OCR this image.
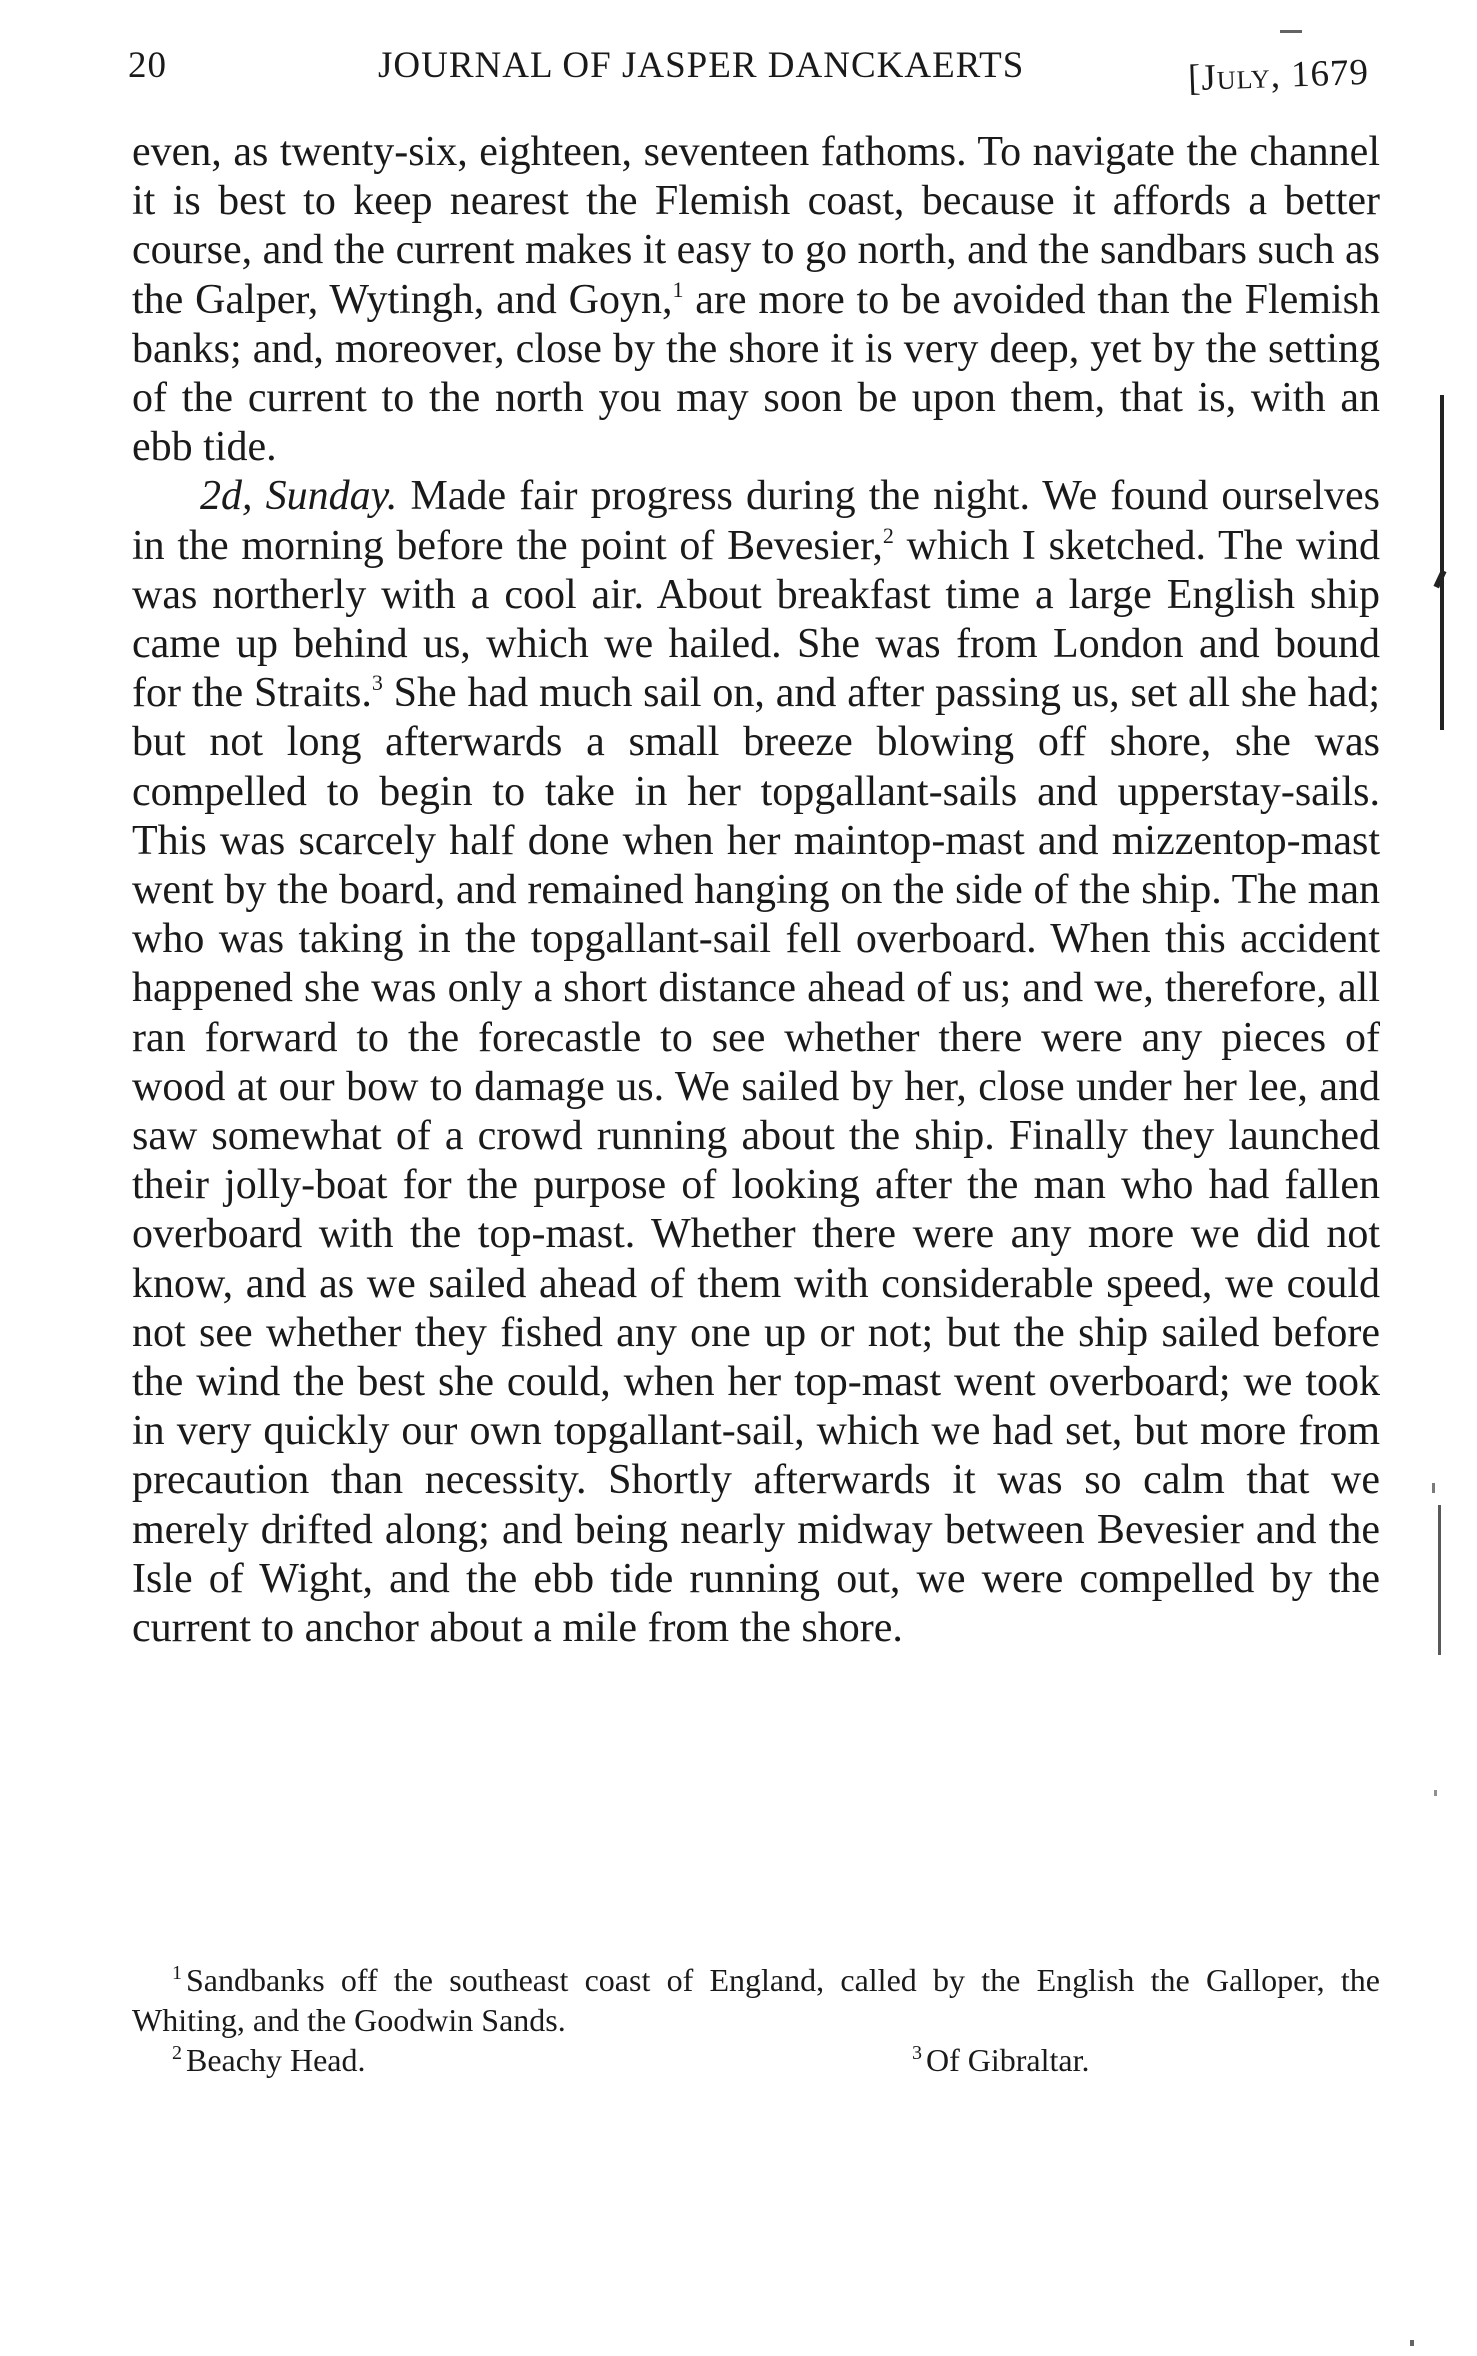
20	JOURNAL OF JASPER DANCKAERTS	[July, 1679

even, as twenty-six, eighteen, seventeen fathoms. To navigate the channel it is best to keep nearest the Flemish coast, because it affords a better course, and the current makes it easy to go north, and the sandbars such as the Galper, Wytingh, and Goyn,$^1$ are more to be avoided than the Flemish banks; and, moreover, close by the shore it is very deep, yet by the setting of the current to the north you may soon be upon them, that is, with an ebb tide.

2d, Sunday. Made fair progress during the night. We found ourselves in the morning before the point of Bevesier,$^2$ which I sketched. The wind was northerly with a cool air. About breakfast time a large English ship came up behind us, which we hailed. She was from London and bound for the Straits.$^3$ She had much sail on, and after passing us, set all she had; but not long afterwards a small breeze blowing off shore, she was compelled to begin to take in her topgallant-sails and upperstay-sails. This was scarcely half done when her maintop-mast and mizzentop-mast went by the board, and remained hanging on the side of the ship. The man who was taking in the topgallant-sail fell overboard. When this accident happened she was only a short distance ahead of us; and we, therefore, all ran forward to the forecastle to see whether there were any pieces of wood at our bow to damage us. We sailed by her, close under her lee, and saw somewhat of a crowd running about the ship. Finally they launched their jolly-boat for the purpose of looking after the man who had fallen overboard with the top-mast. Whether there were any more we did not know, and as we sailed ahead of them with considerable speed, we could not see whether they fished any one up or not; but the ship sailed before the wind the best she could, when her top-mast went overboard; we took in very quickly our own topgallant-sail, which we had set, but more from precaution than necessity. Shortly afterwards it was so calm that we merely drifted along; and being nearly midway between Bevesier and the Isle of Wight, and the ebb tide running out, we were compelled by the current to anchor about a mile from the shore.

$^1$ Sandbanks off the southeast coast of England, called by the English the Galloper, the Whiting, and the Goodwin Sands.

$^2$ Beachy Head.	$^3$ Of Gibraltar.
